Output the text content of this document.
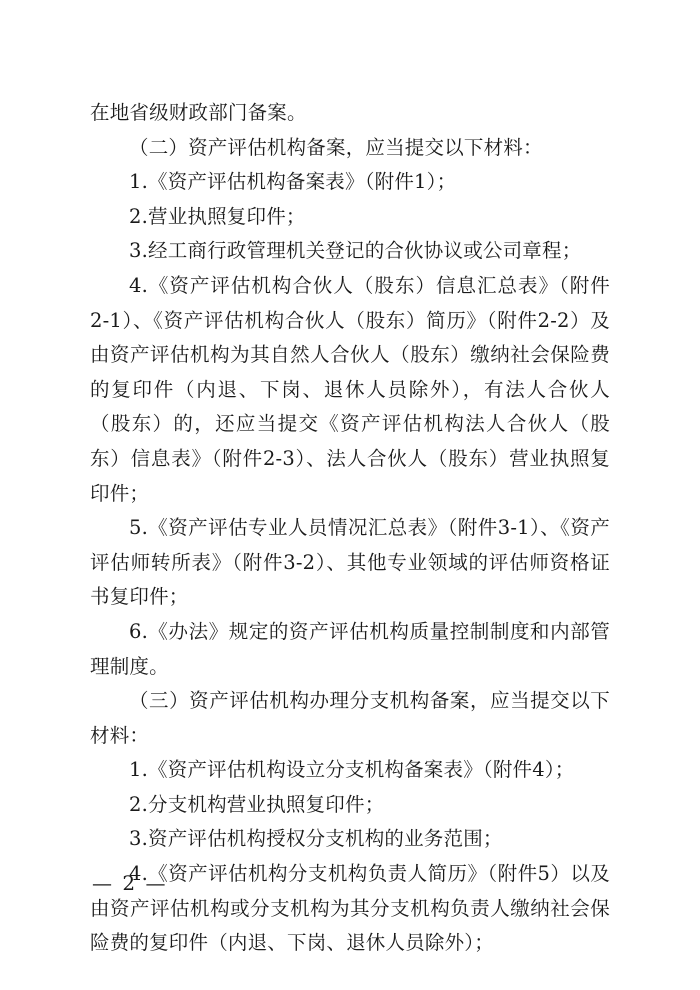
在地省级财政部门备案。

（二）资产评估机构备案，应当提交以下材料：

1.《资产评估机构备案表》（附件1）；

2.营业执照复印件；

3.经工商行政管理机关登记的合伙协议或公司章程；

4.《资产评估机构合伙人（股东）信息汇总表》（附件2-1）、《资产评估机构合伙人（股东）简历》（附件2-2）及由资产评估机构为其自然人合伙人（股东）缴纳社会保险费的复印件（内退、下岗、退休人员除外），有法人合伙人（股东）的，还应当提交《资产评估机构法人合伙人（股东）信息表》（附件2-3）、法人合伙人（股东）营业执照复印件；

5.《资产评估专业人员情况汇总表》（附件3-1）、《资产评估师转所表》（附件3-2）、其他专业领域的评估师资格证书复印件；

6.《办法》规定的资产评估机构质量控制制度和内部管理制度。

（三）资产评估机构办理分支机构备案，应当提交以下材料：

1.《资产评估机构设立分支机构备案表》（附件4）；

2.分支机构营业执照复印件；

3.资产评估机构授权分支机构的业务范围；

4.《资产评估机构分支机构负责人简历》（附件5）以及由资产评估机构或分支机构为其分支机构负责人缴纳社会保险费的复印件（内退、下岗、退休人员除外）；

— 2 —
